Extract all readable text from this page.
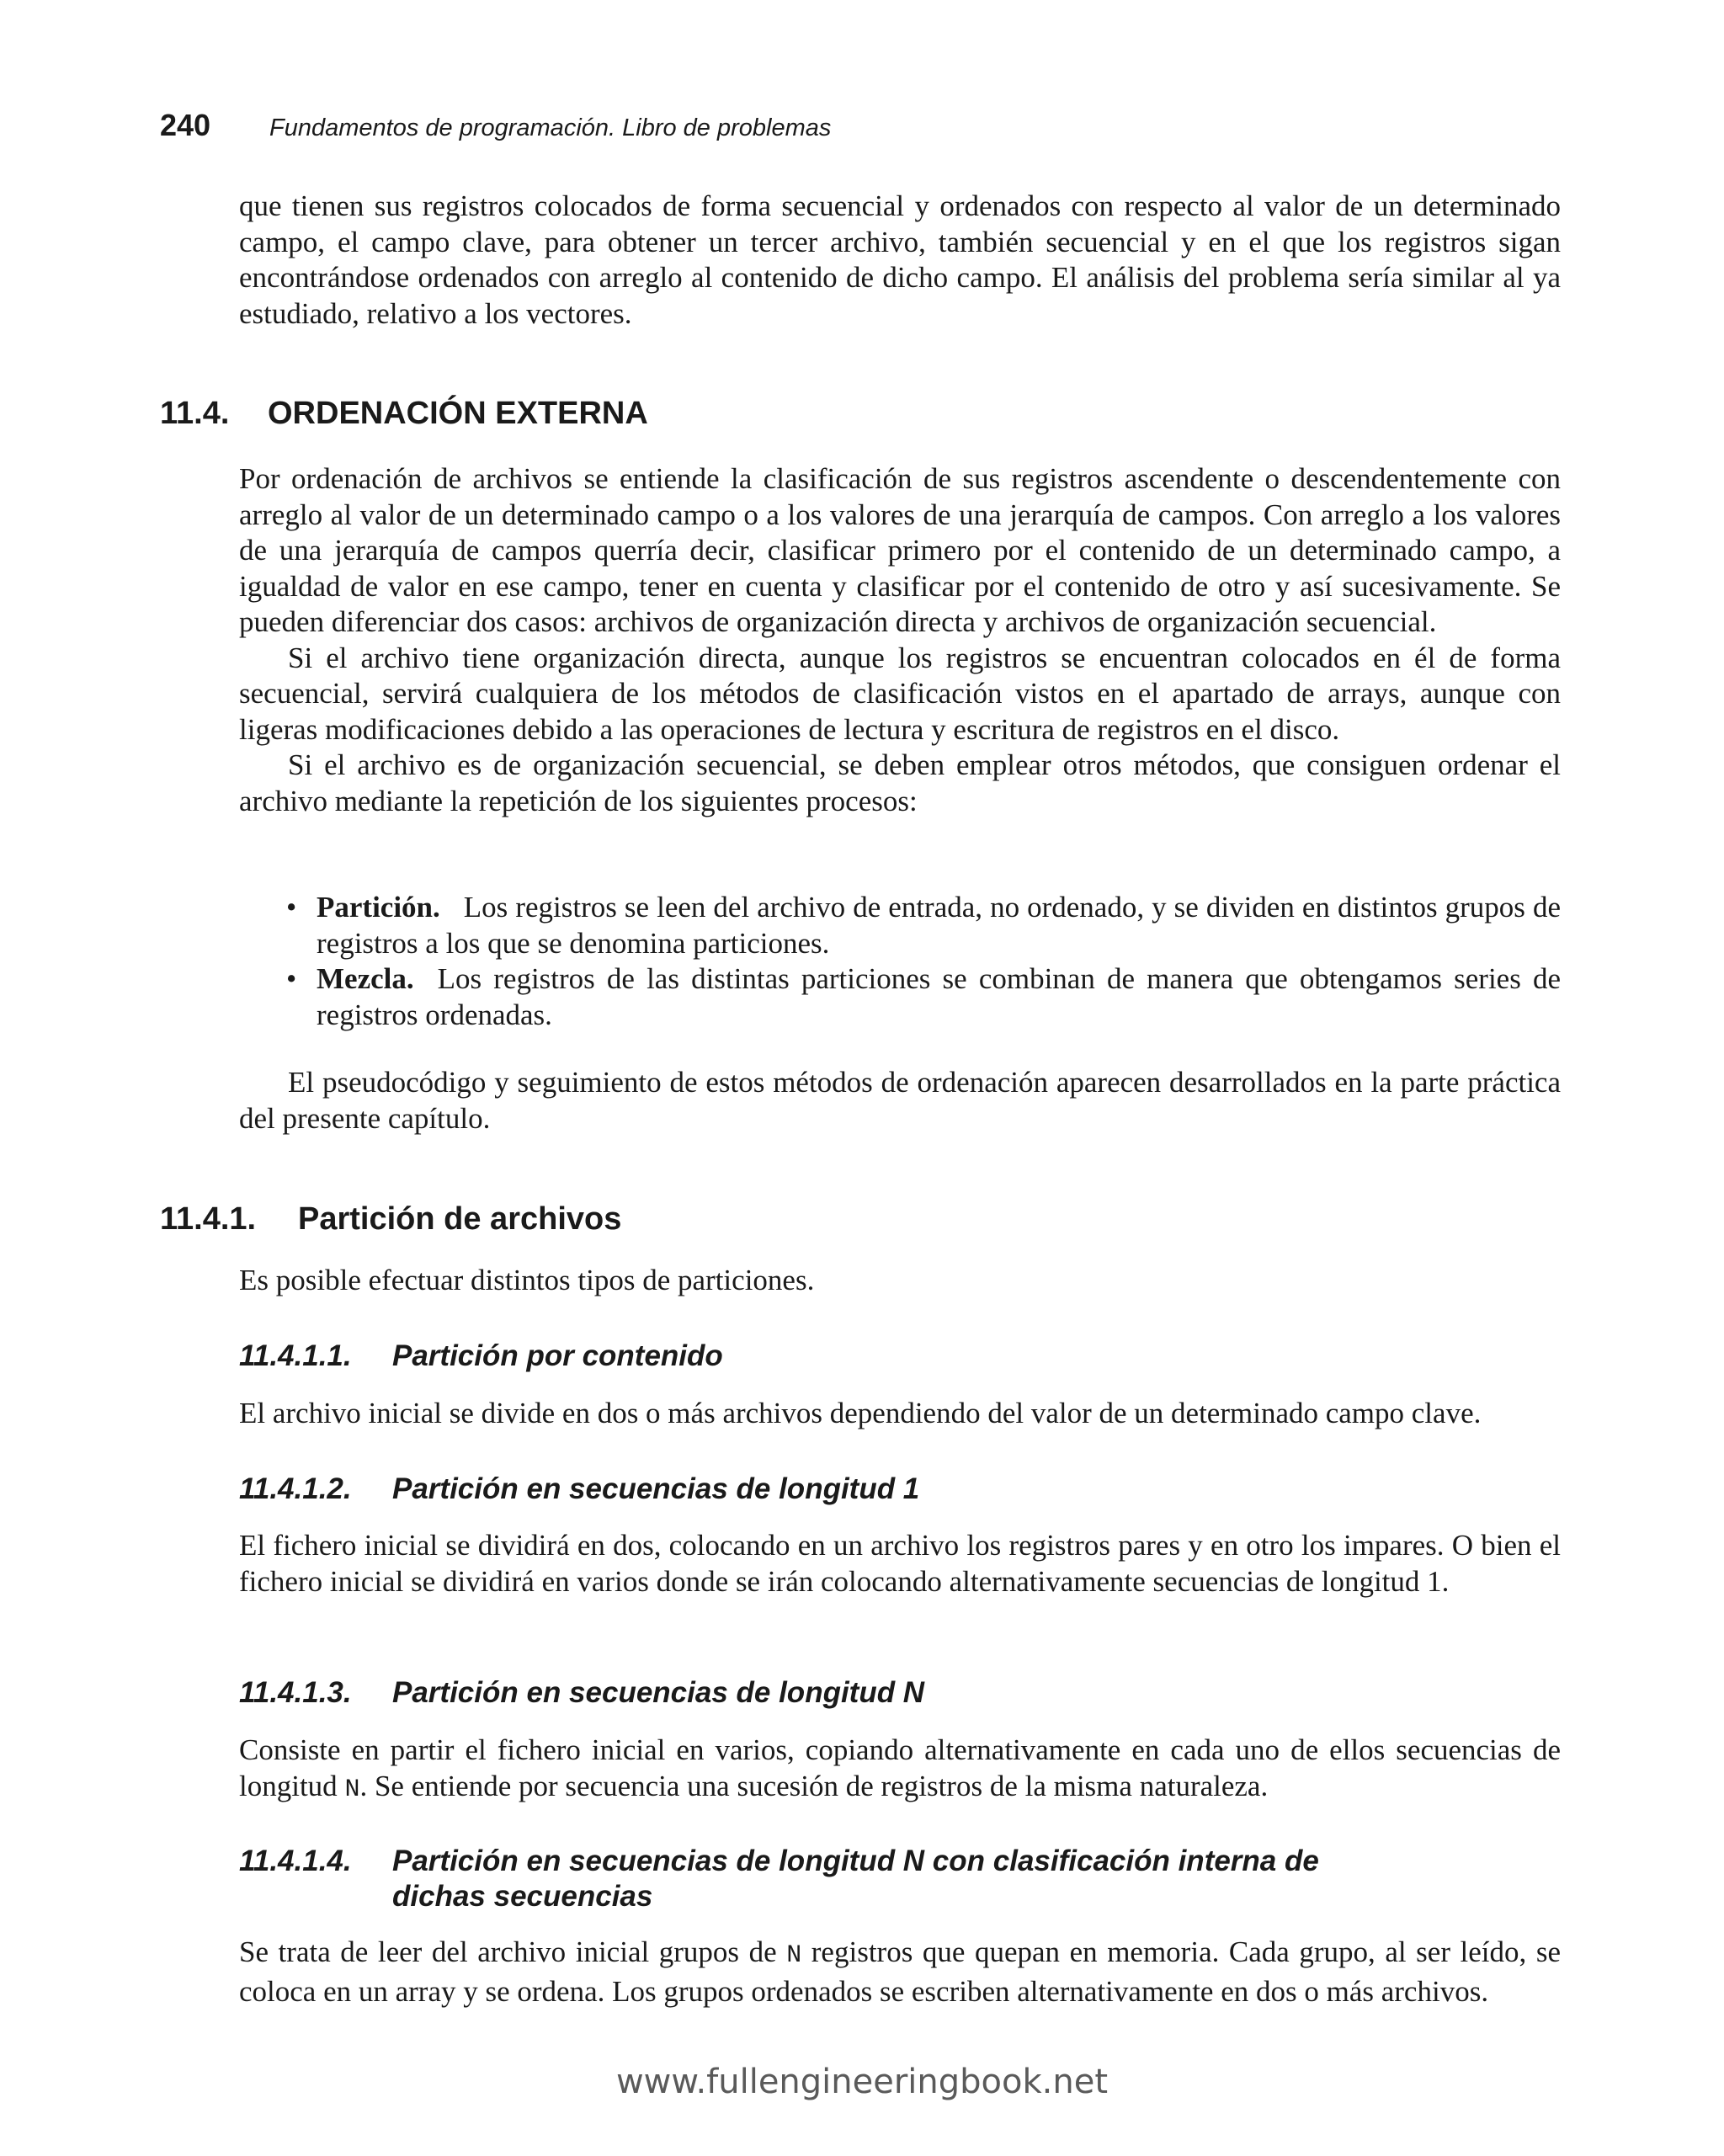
240	Fundamentos de programación. Libro de problemas

que tienen sus registros colocados de forma secuencial y ordenados con respecto al valor de un determinado campo, el campo clave, para obtener un tercer archivo, también secuencial y en el que los registros sigan encontrándose ordenados con arreglo al contenido de dicho campo. El análisis del problema sería similar al ya estudiado, relativo a los vectores.

11.4. ORDENACIÓN EXTERNA

Por ordenación de archivos se entiende la clasificación de sus registros ascendente o descendentemente con arreglo al valor de un determinado campo o a los valores de una jerarquía de campos. Con arreglo a los valores de una jerarquía de campos querría decir, clasificar primero por el contenido de un determinado campo, a igualdad de valor en ese campo, tener en cuenta y clasificar por el contenido de otro y así sucesivamente. Se pueden diferenciar dos casos: archivos de organización directa y archivos de organización secuencial.

Si el archivo tiene organización directa, aunque los registros se encuentran colocados en él de forma secuencial, servirá cualquiera de los métodos de clasificación vistos en el apartado de arrays, aunque con ligeras modificaciones debido a las operaciones de lectura y escritura de registros en el disco.

Si el archivo es de organización secuencial, se deben emplear otros métodos, que consiguen ordenar el archivo mediante la repetición de los siguientes procesos:

• Partición. Los registros se leen del archivo de entrada, no ordenado, y se dividen en distintos grupos de registros a los que se denomina particiones.
• Mezcla. Los registros de las distintas particiones se combinan de manera que obtengamos series de registros ordenadas.

El pseudocódigo y seguimiento de estos métodos de ordenación aparecen desarrollados en la parte práctica del presente capítulo.

11.4.1. Partición de archivos

Es posible efectuar distintos tipos de particiones.

11.4.1.1.	Partición por contenido

El archivo inicial se divide en dos o más archivos dependiendo del valor de un determinado campo clave.

11.4.1.2.	Partición en secuencias de longitud 1

El fichero inicial se dividirá en dos, colocando en un archivo los registros pares y en otro los impares. O bien el fichero inicial se dividirá en varios donde se irán colocando alternativamente secuencias de longitud 1.

11.4.1.3.	Partición en secuencias de longitud N

Consiste en partir el fichero inicial en varios, copiando alternativamente en cada uno de ellos secuencias de longitud N. Se entiende por secuencia una sucesión de registros de la misma naturaleza.

11.4.1.4.	Partición en secuencias de longitud N con clasificación interna de dichas secuencias

Se trata de leer del archivo inicial grupos de N registros que quepan en memoria. Cada grupo, al ser leído, se coloca en un array y se ordena. Los grupos ordenados se escriben alternativamente en dos o más archivos.

www.fullengineeringbook.net
